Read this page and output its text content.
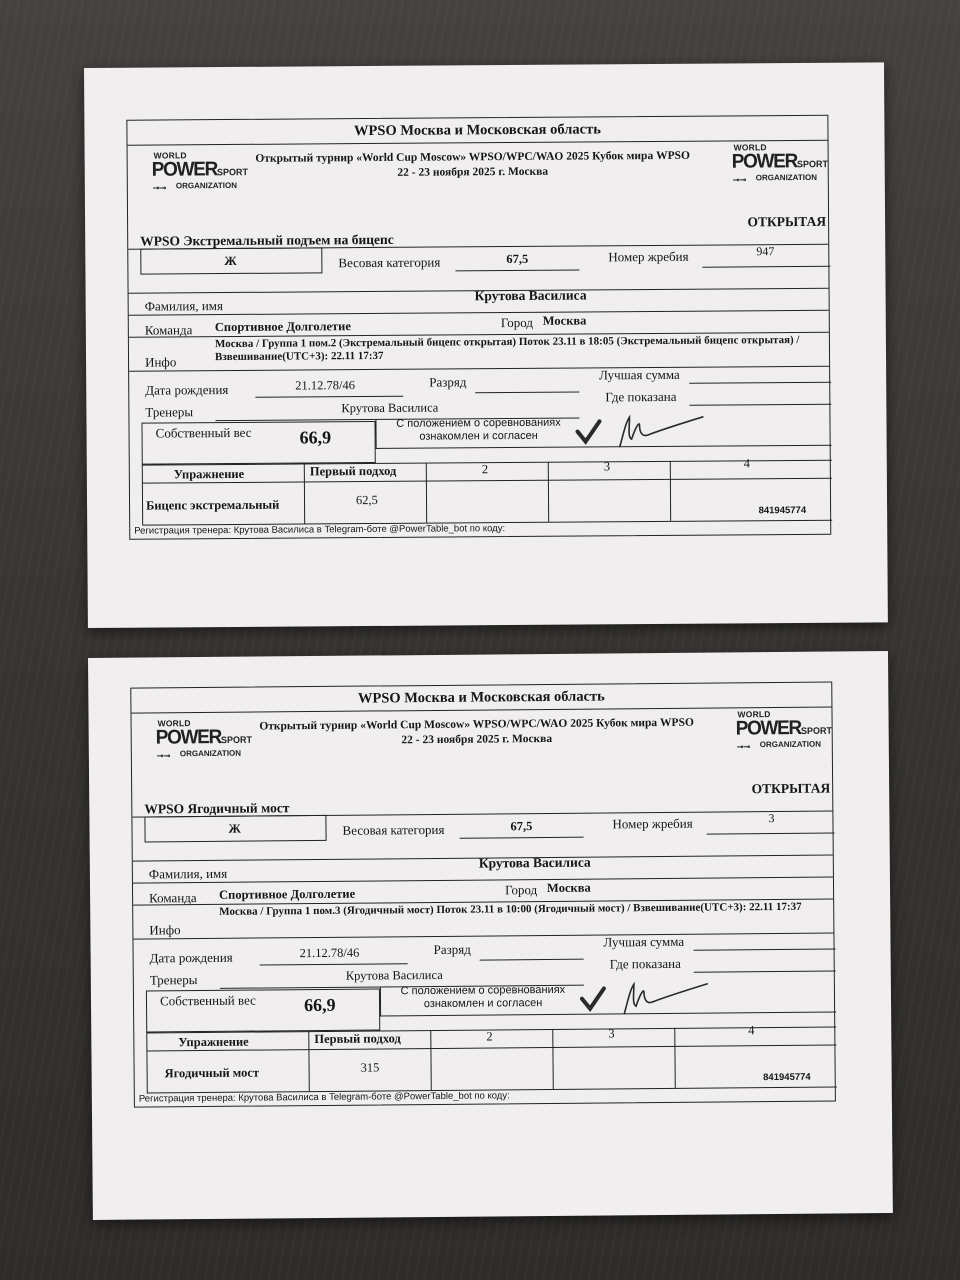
WPSO Москва и Московская область
WORLD
POWERSPORT
⊸⊸ ORGANIZATION
Открытый турнир «World Cup Moscow» WPSO/WPC/WAO 2025 Кубок мира WPSO
22 - 23 ноября 2025 г. Москва
WORLD
POWERSPORT
⊸⊸ ORGANIZATION
WPSO Экстремальный подъем на бицепс
ОТКРЫТАЯ
Ж	Весовая категория	67,5	Номер жребия	947
Фамилия, имя
Крутова Василиса
Команда Спортивное Долголетие	Город Москва
Инфо
Москва / Группа 1 пом.2 (Экстремальный бицепс открытая) Поток 23.11 в 18:05 (Экстремальный бицепс открытая) / Взвешивание(UTC+3): 22.11 17:37
Дата рождения	21.12.78/46	Разряд	Лучшая сумма
Тренеры	Крутова Василиса
Где показана
Собственный вес	66,9
С положением о соревнованиях ознакомлен и согласен
Упражнение	Первый подход	2	3	4
Бицепс экстремальный	62,5
841945774
Регистрация тренера: Крутова Василиса в Telegram-боте @PowerTable_bot по коду:
WPSO Москва и Московская область
WORLD
POWERSPORT
⊸⊸ ORGANIZATION
Открытый турнир «World Cup Moscow» WPSO/WPC/WAO 2025 Кубок мира WPSO
22 - 23 ноября 2025 г. Москва
WORLD
POWERSPORT
⊸⊸ ORGANIZATION
WPSO Ягодичный мост
ОТКРЫТАЯ
Ж	Весовая категория	67,5	Номер жребия	3
Фамилия, имя
Крутова Василиса
Команда Спортивное Долголетие	Город Москва
Инфо
Москва / Группа 1 пом.3 (Ягодичный мост) Поток 23.11 в 10:00 (Ягодичный мост) / Взвешивание(UTC+3): 22.11 17:37
Дата рождения	21.12.78/46	Разряд	Лучшая сумма
Тренеры	Крутова Василиса
Где показана
Собственный вес	66,9
С положением о соревнованиях ознакомлен и согласен
Упражнение	Первый подход	2	3	4
Ягодичный мост	315
841945774
Регистрация тренера: Крутова Василиса в Telegram-боте @PowerTable_bot по коду:
